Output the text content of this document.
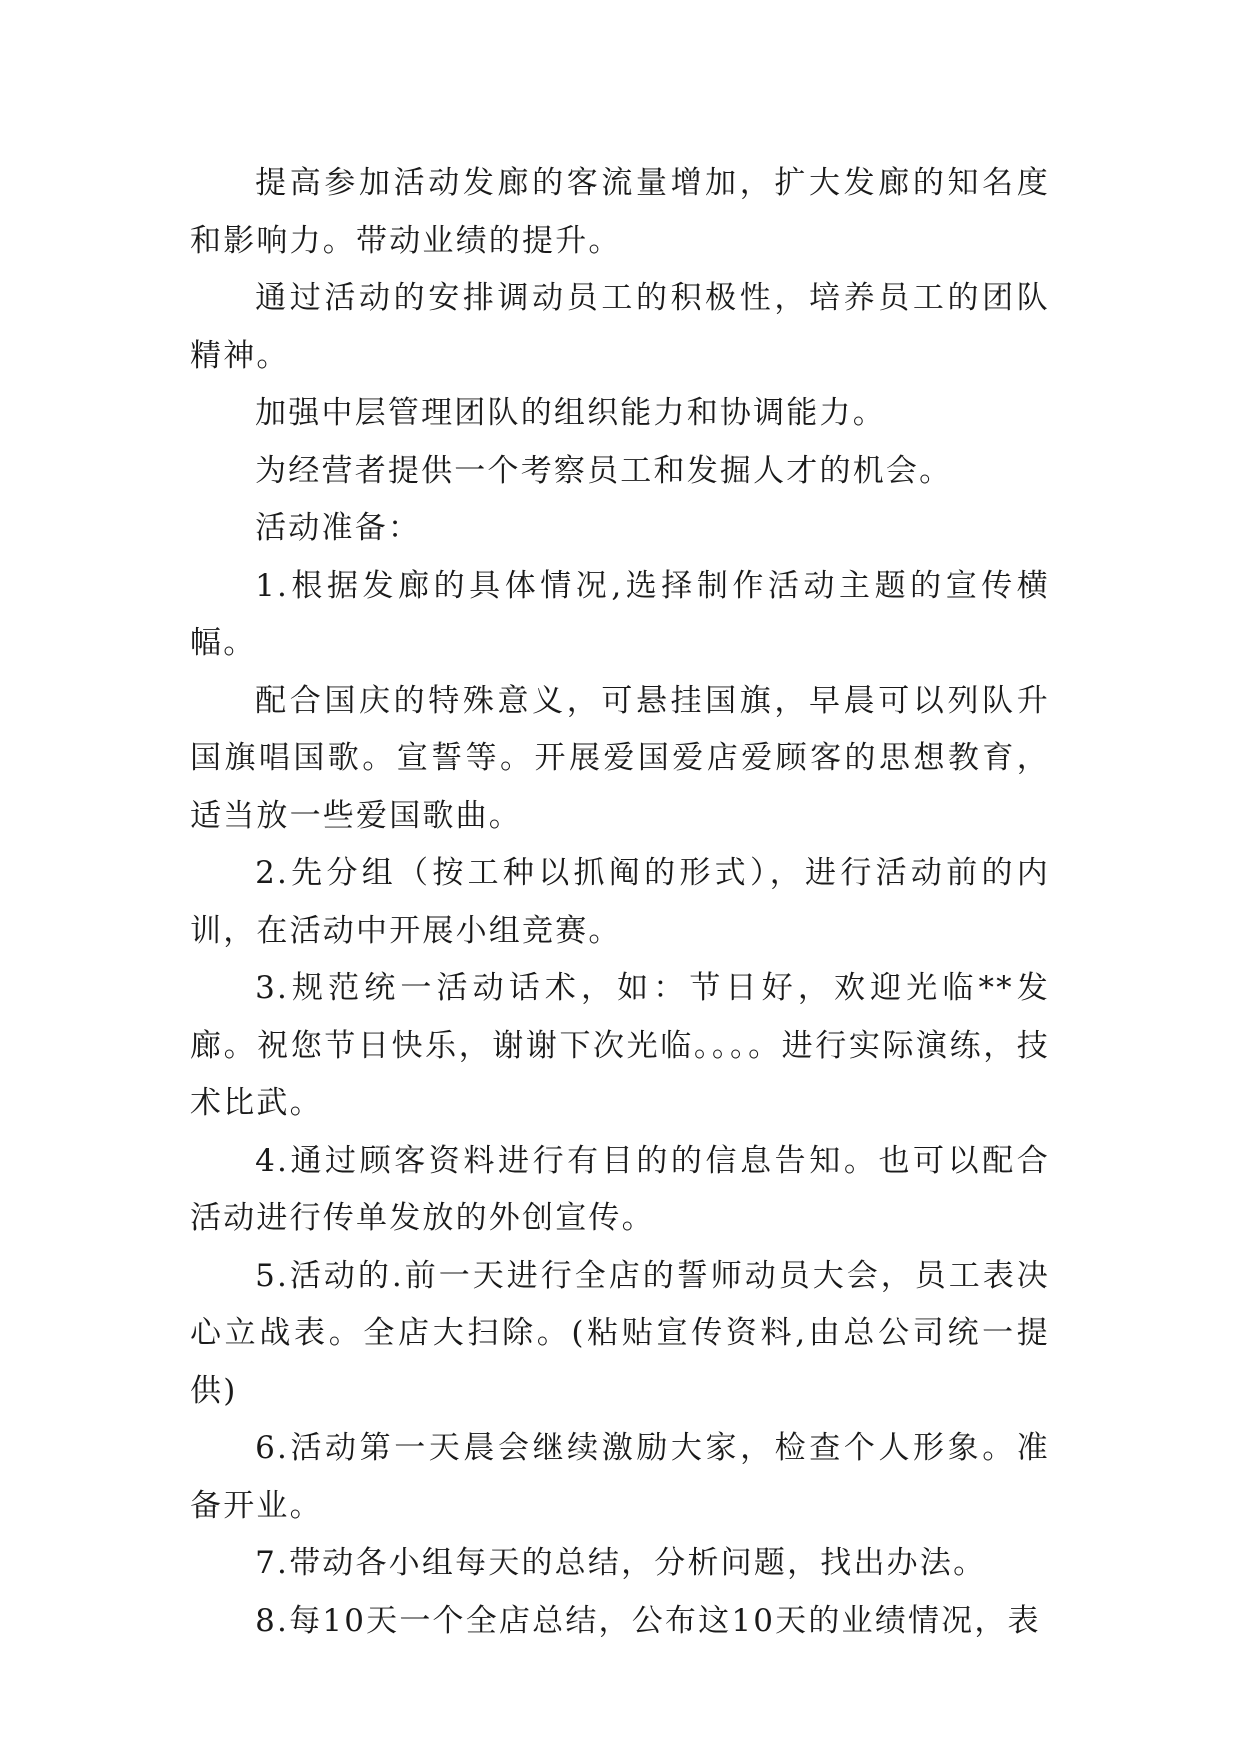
提高参加活动发廊的客流量增加，扩大发廊的知名度和影响力。带动业绩的提升。

通过活动的安排调动员工的积极性，培养员工的团队精神。

加强中层管理团队的组织能力和协调能力。

为经营者提供一个考察员工和发掘人才的机会。

活动准备：

1.根据发廊的具体情况,选择制作活动主题的宣传横幅。

配合国庆的特殊意义，可悬挂国旗，早晨可以列队升国旗唱国歌。宣誓等。开展爱国爱店爱顾客的思想教育，适当放一些爱国歌曲。

2.先分组（按工种以抓阄的形式），进行活动前的内训，在活动中开展小组竞赛。

3.规范统一活动话术，如：节日好，欢迎光临**发廊。祝您节日快乐，谢谢下次光临。。。。进行实际演练，技术比武。

4.通过顾客资料进行有目的的信息告知。也可以配合活动进行传单发放的外创宣传。

5.活动的.前一天进行全店的誓师动员大会，员工表决心立战表。全店大扫除。(粘贴宣传资料,由总公司统一提供)

6.活动第一天晨会继续激励大家，检查个人形象。准备开业。

7.带动各小组每天的总结，分析问题，找出办法。

8.每10天一个全店总结，公布这10天的业绩情况，表
